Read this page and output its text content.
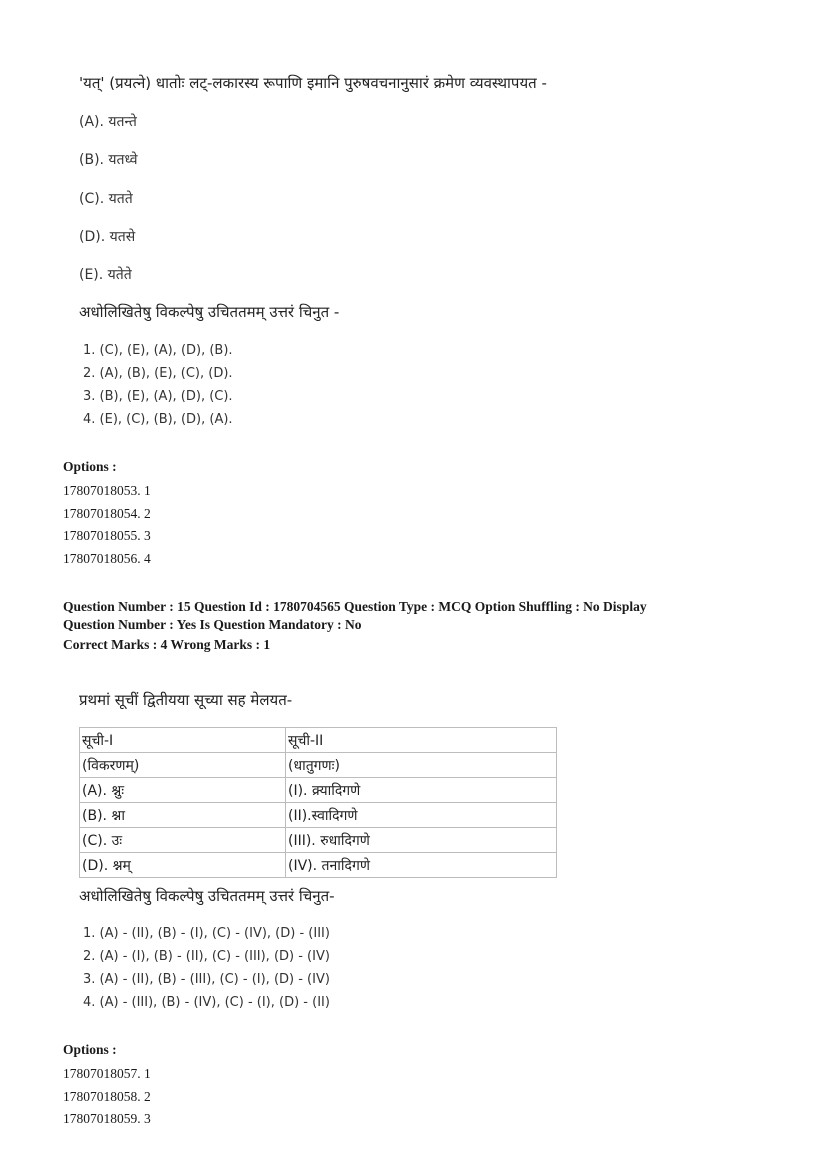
'यत्' (प्रयत्ने) धातोः लट्-लकारस्य रूपाणि इमानि पुरुषवचनानुसारं क्रमेण व्यवस्थापयत -
(A). यतन्ते
(B). यतध्वे
(C). यतते
(D). यतसे
(E). यतेते
अधोलिखितेषु विकल्पेषु उचिततमम् उत्तरं चिनुत -
1. (C), (E), (A), (D), (B).
2. (A), (B), (E), (C), (D).
3. (B), (E), (A), (D), (C).
4. (E), (C), (B), (D), (A).
Options :
17807018053. 1
17807018054. 2
17807018055. 3
17807018056. 4
Question Number : 15 Question Id : 1780704565 Question Type : MCQ Option Shuffling : No Display
Question Number : Yes Is Question Mandatory : No
Correct Marks : 4 Wrong Marks : 1
प्रथमां सूचीं द्वितीयया सूच्या सह मेलयत-
सूची-I	सूची-II
(विकरणम्)	(धातुगणः)
(A). श्नुः	(I). क्र्यादिगणे
(B). श्ना	(II).स्वादिगणे
(C). उः	(III). रुधादिगणे
(D). श्नम्	(IV). तनादिगणे
अधोलिखितेषु विकल्पेषु उचिततमम् उत्तरं चिनुत-
1. (A) - (II), (B) - (I), (C) - (IV), (D) - (III)
2. (A) - (I), (B) - (II), (C) - (III), (D) - (IV)
3. (A) - (II), (B) - (III), (C) - (I), (D) - (IV)
4. (A) - (III), (B) - (IV), (C) - (I), (D) - (II)
Options :
17807018057. 1
17807018058. 2
17807018059. 3
